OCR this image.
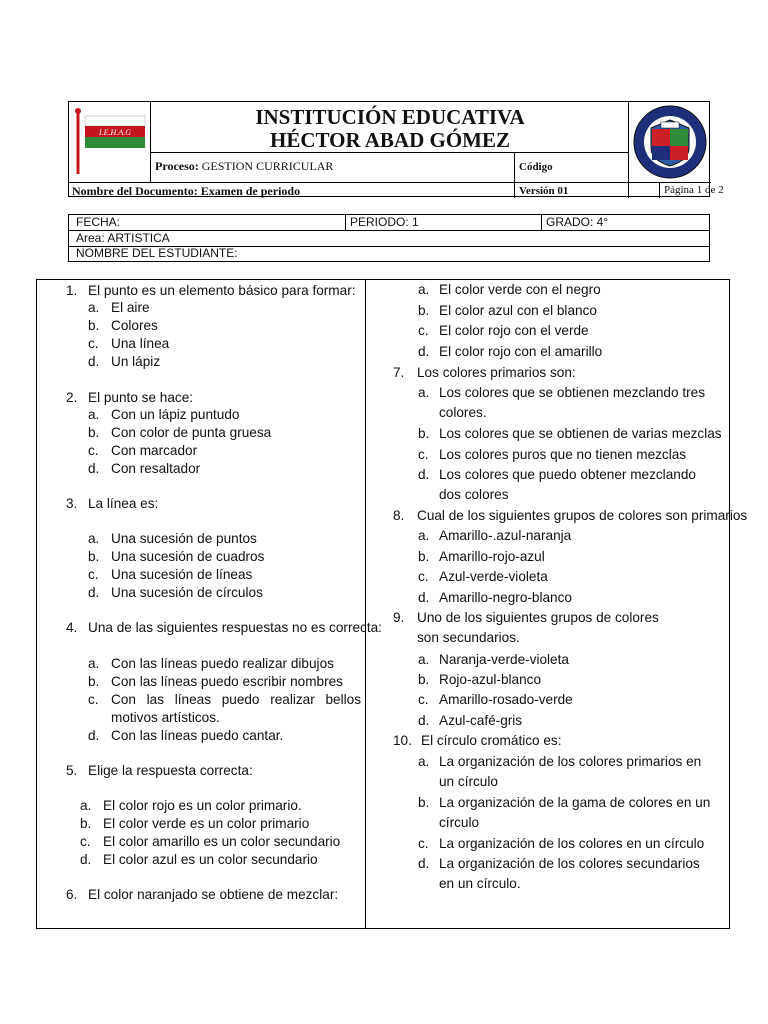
I.E.H.A.G
INSTITUCIÓN EDUCATIVA
HÉCTOR ABAD GÓMEZ
Proceso: GESTION CURRICULAR	Código
Nombre del Documento: Examen de periodo	Versión 01	Página 1 de 2
FECHA:	PERIODO: 1	GRADO: 4°
Area: ARTISTICA
NOMBRE DEL ESTUDIANTE:
1. El punto es un elemento básico para formar:
a. El aire
b. Colores
c. Una línea
d. Un lápiz
2. El punto se hace:
a. Con un lápiz puntudo
b. Con color de punta gruesa
c. Con marcador
d. Con resaltador
3. La línea es:
a. Una sucesión de puntos
b. Una sucesión de cuadros
c. Una sucesión de líneas
d. Una sucesión de círculos
4. Una de las siguientes respuestas no es correcta:
a. Con las líneas puedo realizar dibujos
b. Con las líneas puedo escribir nombres
c. Con las líneas puedo realizar bellos motivos artísticos.
d. Con las líneas puedo cantar.
5. Elige la respuesta correcta:
a. El color rojo es un color primario.
b. El color verde es un color primario
c. El color amarillo es un color secundario
d. El color azul es un color secundario
6. El color naranjado se obtiene de mezclar:
a. El color verde con el negro
b. El color azul con el blanco
c. El color rojo con el verde
d. El color rojo con el amarillo
7. Los colores primarios son:
a. Los colores que se obtienen mezclando tres colores.
b. Los colores que se obtienen de varias mezclas
c. Los colores puros que no tienen mezclas
d. Los colores que puedo obtener mezclando dos colores
8. Cual de los siguientes grupos de colores son primarios
a. Amarillo-.azul-naranja
b. Amarillo-rojo-azul
c. Azul-verde-violeta
d. Amarillo-negro-blanco
9. Uno de los siguientes grupos de colores son secundarios.
a. Naranja-verde-violeta
b. Rojo-azul-blanco
c. Amarillo-rosado-verde
d. Azul-café-gris
10. El círculo cromático es:
a. La organización de los colores primarios en un círculo
b. La organización de la gama de colores en un círculo
c. La organización de los colores en un círculo
d. La organización de los colores secundarios en un círculo.
